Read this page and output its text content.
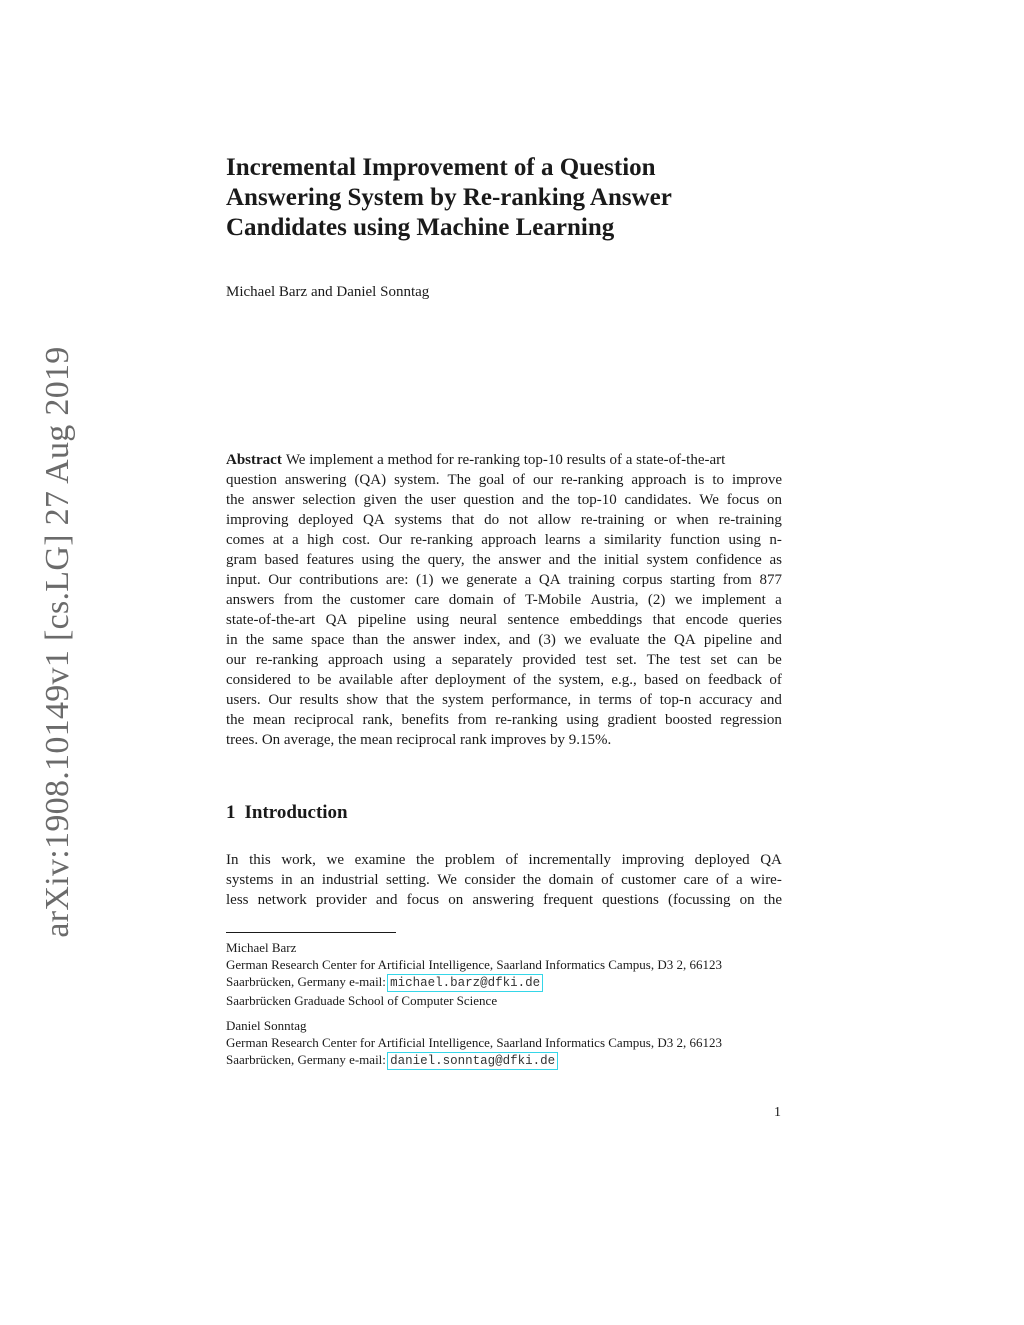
arXiv:1908.10149v1 [cs.LG] 27 Aug 2019
Incremental Improvement of a Question
Answering System by Re-ranking Answer
Candidates using Machine Learning
Michael Barz and Daniel Sonntag
Abstract We implement a method for re-ranking top-10 results of a state-of-the-art
question answering (QA) system. The goal of our re-ranking approach is to improve
the answer selection given the user question and the top-10 candidates. We focus on
improving deployed QA systems that do not allow re-training or when re-training
comes at a high cost. Our re-ranking approach learns a similarity function using n-
gram based features using the query, the answer and the initial system confidence as
input. Our contributions are: (1) we generate a QA training corpus starting from 877
answers from the customer care domain of T-Mobile Austria, (2) we implement a
state-of-the-art QA pipeline using neural sentence embeddings that encode queries
in the same space than the answer index, and (3) we evaluate the QA pipeline and
our re-ranking approach using a separately provided test set. The test set can be
considered to be available after deployment of the system, e.g., based on feedback of
users. Our results show that the system performance, in terms of top-n accuracy and
the mean reciprocal rank, benefits from re-ranking using gradient boosted regression
trees. On average, the mean reciprocal rank improves by 9.15%.
1 Introduction
In this work, we examine the problem of incrementally improving deployed QA
systems in an industrial setting. We consider the domain of customer care of a wire-
less network provider and focus on answering frequent questions (focussing on the
Michael Barz
German Research Center for Artificial Intelligence, Saarland Informatics Campus, D3 2, 66123
Saarbrücken, Germany e-mail: michael.barz@dfki.de
Saarbrücken Graduade School of Computer Science
Daniel Sonntag
German Research Center for Artificial Intelligence, Saarland Informatics Campus, D3 2, 66123
Saarbrücken, Germany e-mail: daniel.sonntag@dfki.de
1
